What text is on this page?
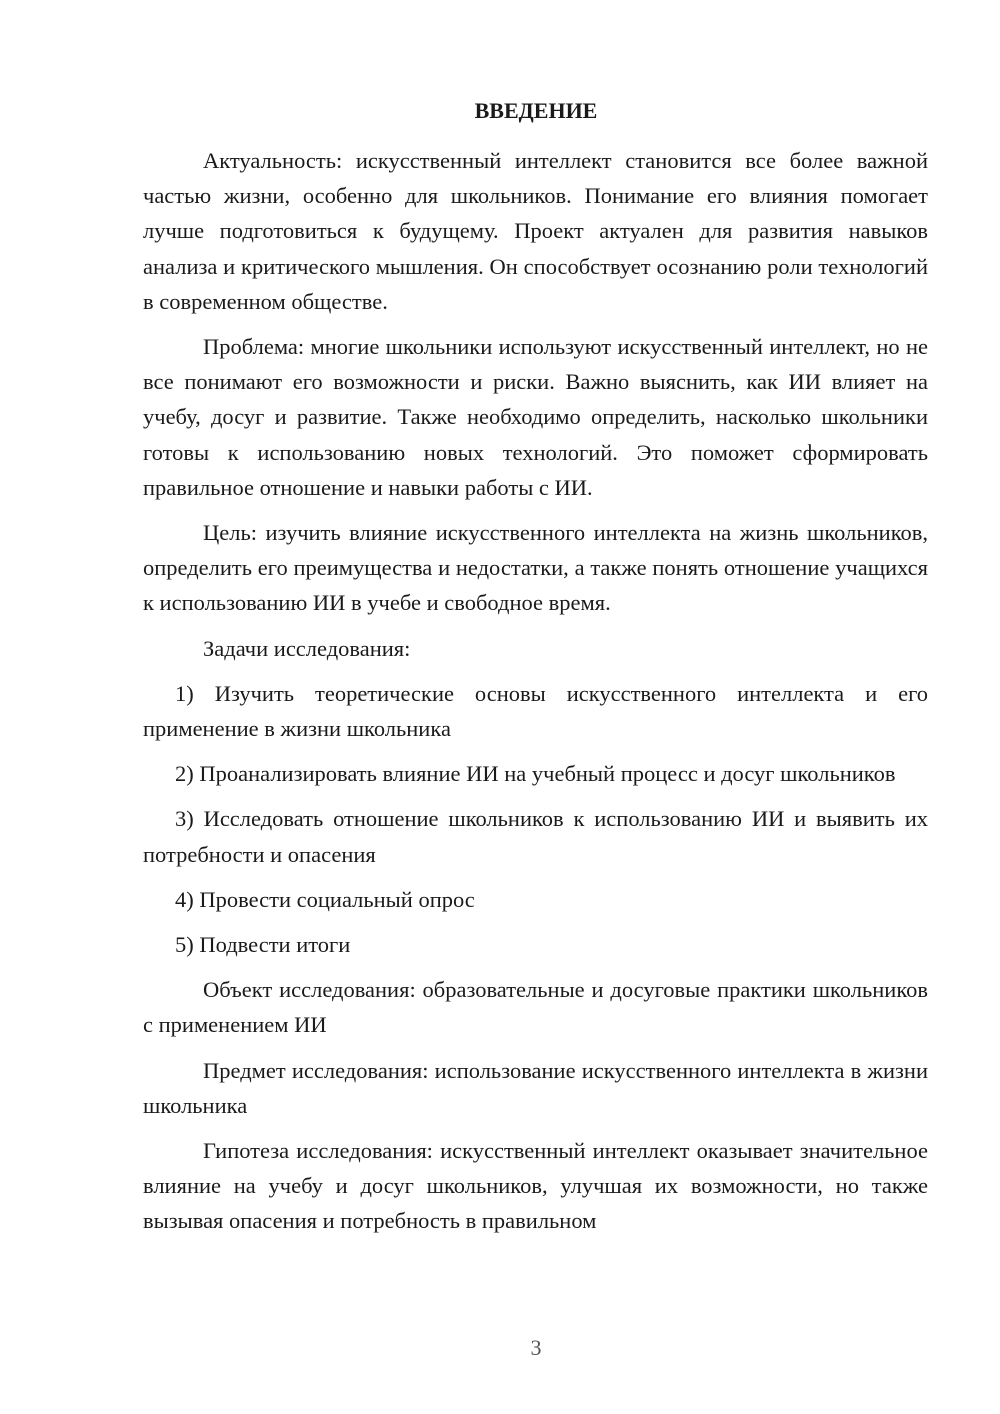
ВВЕДЕНИЕ

Актуальность: искусственный интеллект становится все более важной частью жизни, особенно для школьников. Понимание его влияния помогает лучше подготовиться к будущему. Проект актуален для развития навыков анализа и критического мышления. Он способствует осознанию роли технологий в современном обществе.

Проблема: многие школьники используют искусственный интеллект, но не все понимают его возможности и риски. Важно выяснить, как ИИ влияет на учебу, досуг и развитие. Также необходимо определить, насколько школьники готовы к использованию новых технологий. Это поможет сформировать правильное отношение и навыки работы с ИИ.

Цель: изучить влияние искусственного интеллекта на жизнь школьников, определить его преимущества и недостатки, а также понять отношение учащихся к использованию ИИ в учебе и свободное время.

Задачи исследования:

1) Изучить теоретические основы искусственного интеллекта и его применение в жизни школьника

2) Проанализировать влияние ИИ на учебный процесс и досуг школьников

3) Исследовать отношение школьников к использованию ИИ и выявить их потребности и опасения

4) Провести социальный опрос

5) Подвести итоги

Объект исследования: образовательные и досуговые практики школьников с применением ИИ

Предмет исследования: использование искусственного интеллекта в жизни школьника

Гипотеза исследования: искусственный интеллект оказывает значительное влияние на учебу и досуг школьников, улучшая их возможности, но также вызывая опасения и потребность в правильном

3
